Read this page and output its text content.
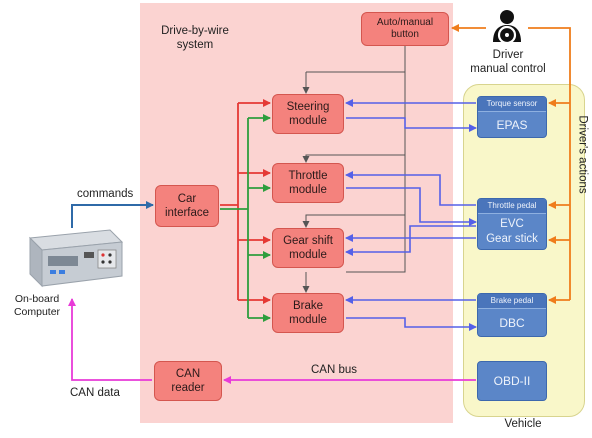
Drive-by-wire
system
Auto/manual
button
Steering
module
Throttle
module
Gear shift
module
Brake
module
Car
interface
CAN
reader
Torque sensor
EPAS
Throttle pedal
EVC
Gear stick
Brake pedal
DBC
OBD-II
Vehicle
Driver
manual control
Driver's actions
On-board
Computer
commands
CAN bus
CAN data
